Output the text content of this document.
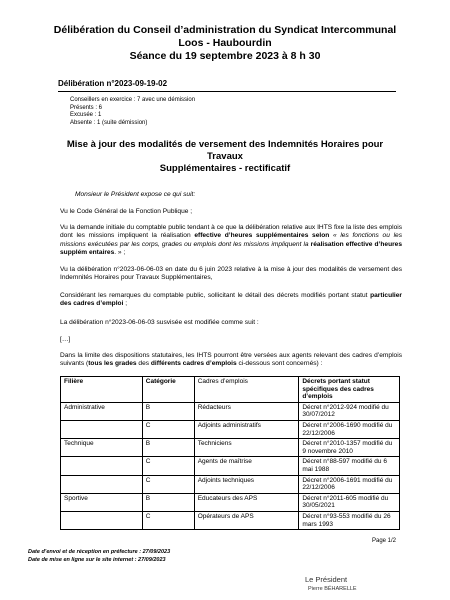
Délibération du Conseil d’administration du Syndicat Intercommunal
Loos - Haubourdin
Séance du 19 septembre 2023 à 8 h 30
Délibération n°2023-09-19-02
Conseillers en exercice : 7 avec une démission
Présents : 6
Excusée : 1
Absente : 1 (suite démission)
Mise à jour des modalités de versement des Indemnités Horaires pour Travaux
Supplémentaires - rectificatif
Monsieur le Président expose ce qui suit:
Vu le Code Général de la Fonction Publique ;
Vu la demande initiale du comptable public tendant à ce que la délibération relative aux IHTS fixe la liste des emplois dont les missions impliquent la réalisation effective d’heures supplémentaires selon « les fonctions ou les missions exécutées par les corps, grades ou emplois dont les missions impliquent la réalisation effective d’heures supplém entaires. » ;
Vu la délibération n°2023-06-06-03 en date du 6 juin 2023 relative à la mise à jour des modalités de versement des Indemnités Horaires pour Travaux Supplémentaires,
Considérant les remarques du comptable public, sollicitant le détail des décrets modifiés portant statut particulier des cadres d’emploi ;
La délibération n°2023-06-06-03 susvisée est modifiée comme suit :
[…]
Dans la limite des dispositions statutaires, les IHTS pourront être versées aux agents relevant des cadres d’emplois suivants (tous les grades des différents cadres d’emplois ci-dessous sont concernés) :
Filière	Catégorie	Cadres d’emplois	Décrets portant statut spécifiques des cadres d’emplois
Administrative	B	Rédacteurs	Décret n°2012-924 modifié du 30/07/2012
	C	Adjoints administratifs	Décret n°2006-1690 modifié du 22/12/2006
Technique	B	Techniciens	Décret n°2010-1357 modifié du 9 novembre 2010
	C	Agents de maîtrise	Décret n°88-597 modifié du 6 mai 1988
	C	Adjoints techniques	Décret n°2006-1691 modifié du 22/12/2006
Sportive	B	Educateurs des APS	Décret n°2011-605 modifié du 30/05/2021
	C	Opérateurs de APS	Décret n°93-553 modifié du 26 mars 1993
Page 1/2
Date d’envoi et de réception en préfecture : 27/09/2023
Date de mise en ligne sur le site internet : 27/09/2023
Le Président
Pierre BÉHARELLE
